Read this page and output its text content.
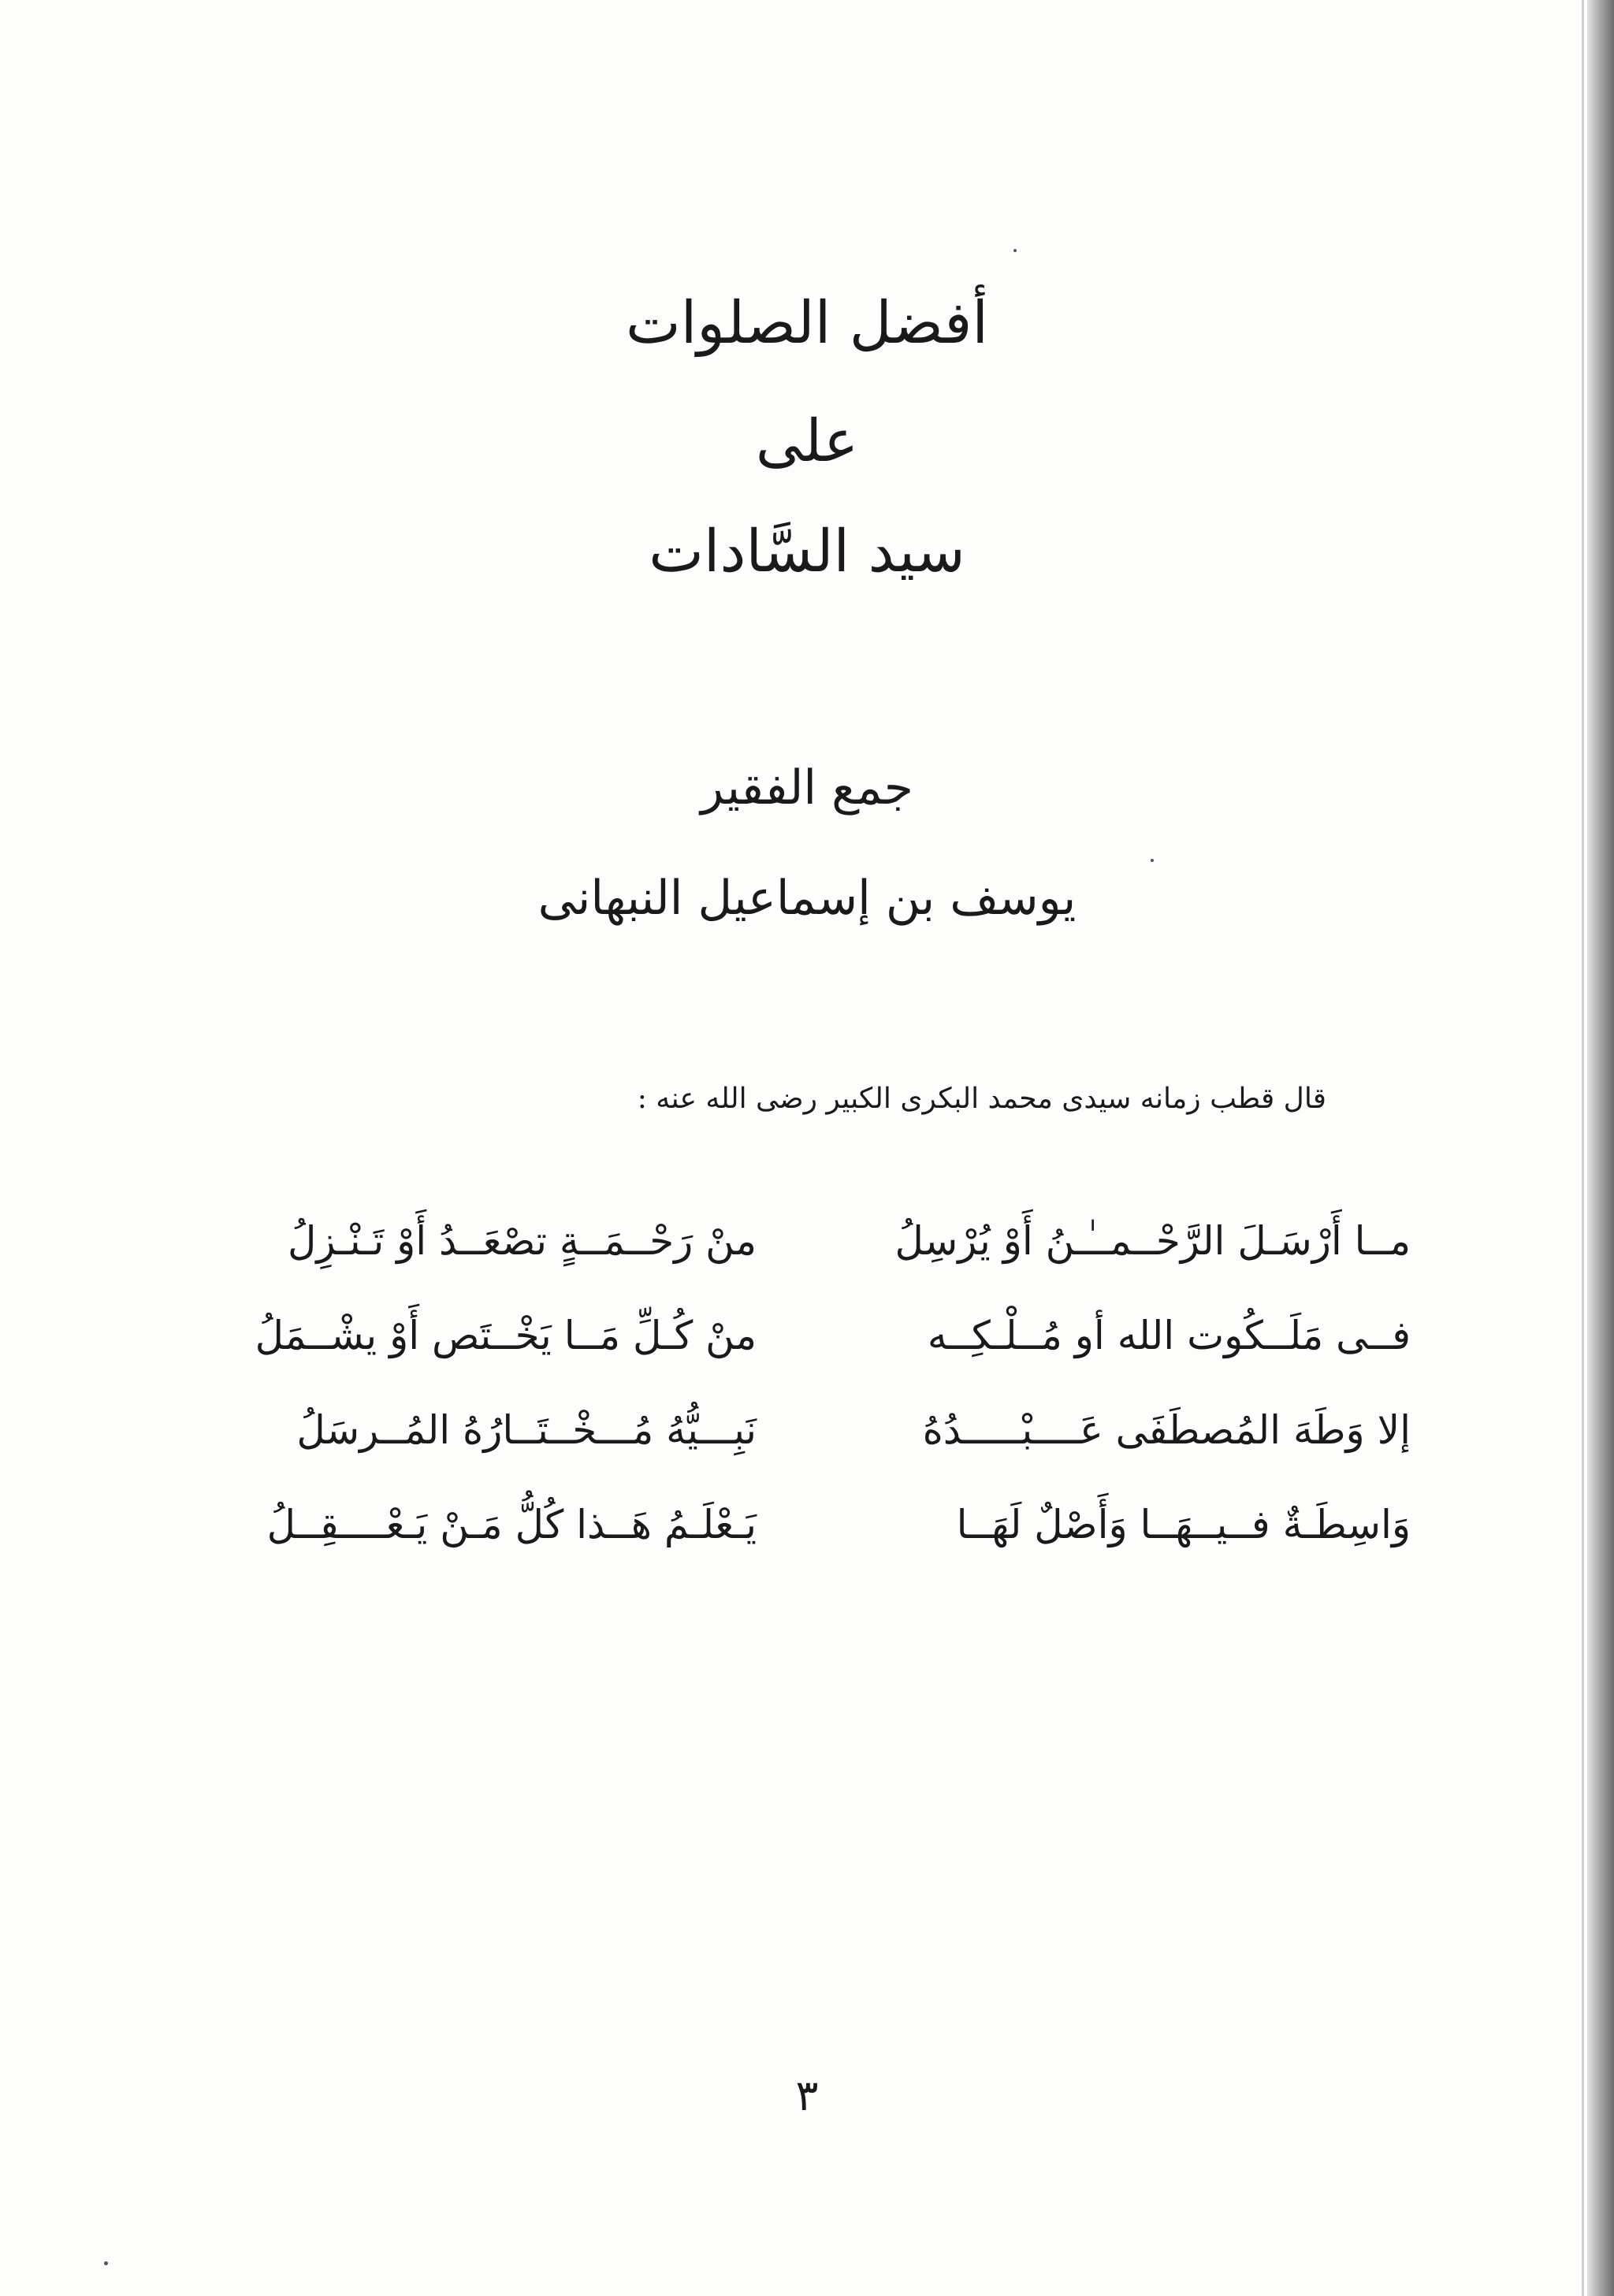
أفضل الصلوات
على
سيد السَّادات
جمع الفقير
يوسف بن إسماعيل النبهانى
قال قطب زمانه سيدى محمد البكرى الكبير رضى الله عنه :
مــا أَرْسَـلَ الرَّحْــمــٰـنُ أَوْ يُرْسِلُ
منْ رَحْــمَــةٍ تصْعَــدُ أَوْ تَـنْـزِلُ
فــى مَلَــكُوت الله أو مُــلْـكِــه
منْ كُـلِّ مَــا يَخْــتَص أَوْ يشْــمَلُ
إلا وَطَهَ المُصطَفَى عَــــبْـــــدُهُ
نَبِـــيُّهُ مُـــخْــتَــارُهُ المُــرسَلُ
وَاسِطَـةٌ فــيــهَــا وَأَصْلٌ لَهَــا
يَـعْلَـمُ هَــذا كُلُّ مَـنْ يَـعْــــقِــلُ
٣
